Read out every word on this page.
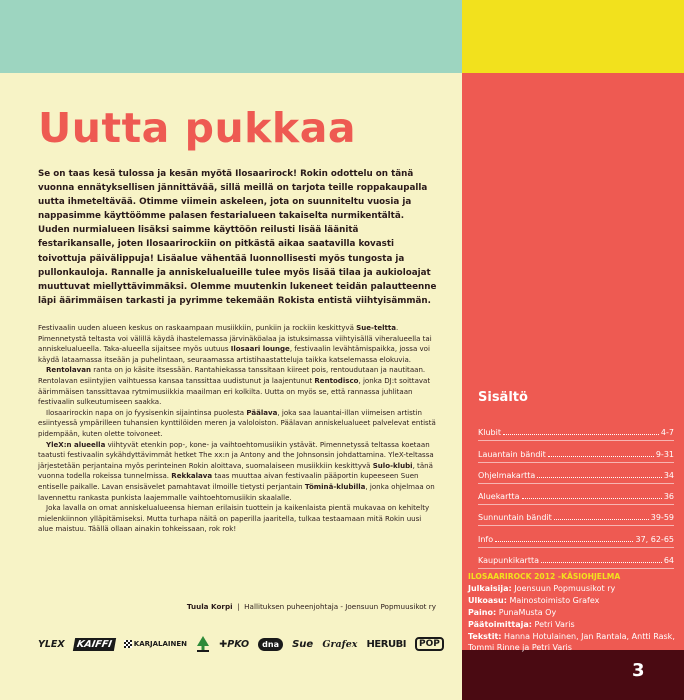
Uutta pukkaa

Se on taas kesä tulossa ja kesän myötä Ilosaarirock! Rokin odottelu on tänä vuonna ennätyksellisen jännittävää, sillä meillä on tarjota teille roppakaupalla uutta ihmeteltävää. Otimme viimein askeleen, jota on suunniteltu vuosia ja nappasimme käyttöömme palasen festarialueen takaiselta nurmikentältä. Uuden nurmialueen lisäksi saimme käyttöön reilusti lisää läänitä festarikansalle, joten Ilosaarirockiin on pitkästä aikaa saatavilla kovasti toivottuja päivälippuja! Lisäalue vähentää luonnollisesti myös tungosta ja pullonkauloja. Rannalle ja anniskelualueille tulee myös lisää tilaa ja aukioloajat muuttuvat miellyttävimmäksi. Olemme muutenkin lukeneet teidän palautteenne läpi äärimmäisen tarkasti ja pyrimme tekemään Rokista entistä viihtyisämmän.

Festivaalin uuden alueen keskus on raskaampaan musiikkiin, punkiin ja rockiin keskittyvä Sue-teltta. Pimennetystä teltasta voi välillä käydä ihastelemassa järvinäköalaa ja istuksimassa viihtyisällä viheralueella tai anniskelualueella. Taka-alueella sijaitsee myös uutuus Ilosaari lounge, festivaalin levähtämispaikka, jossa voi käydä lataamassa itseään ja puhelintaan, seuraamassa artistihaastatteluja taikka katselemassa elokuvia.

Rentolavan ranta on jo käsite itsessään. Rantahiekassa tanssitaan kiireet pois, rentoudutaan ja nautitaan. Rentolavan esiintyjien vaihtuessa kansaa tanssittaa uudistunut ja laajentunut Rentodisco, jonka DJ:t soittavat äärimmäisen tanssittavaa rytmimusiikkia maailman eri kolkilta. Uutta on myös se, että rannassa juhlitaan festivaalin sulkeutumiseen saakka.

Ilosaarirockin napa on jo fyysisenkin sijaintinsa puolesta Päälava, joka saa lauantai-illan viimeisen artistin esiintyessä ympärilleen tuhansien kynttilöiden meren ja valoloiston. Päälavan anniskelualueet palvelevat entistä pidempään, kuten olette toivoneet.

YleX:n alueella viihtyvät etenkin pop-, kone- ja vaihtoehtomusiikin ystävät. Pimennetyssä teltassa koetaan taatusti festivaalin sykähdyttävimmät hetket The xx:n ja Antony and the Johnsonsin johdattamina. YleX-teltassa järjestetään perjantaina myös perinteinen Rokin aloittava, suomalaiseen musiikkiin keskittyvä Sulo-klubi, tänä vuonna todella rokeissa tunnelmissa. Rekkalava taas muuttaa aivan festivaalin pääportin kupeeseen Suen entiselle paikalle. Lavan ensisävelet pamahtavat ilmoille tietysti perjantain Töminä-klubilla, jonka ohjelmaa on lavennettu rankasta punkista laajemmalle vaihtoehtomusiikin skaalalle.

Joka lavalla on omat anniskelualueensa hieman erilaisin tuottein ja kaikenlaista pientä mukavaa on kehitelty mielenkiinnon ylläpitämiseksi. Mutta turhapa näitä on paperilla jaaritella, tulkaa testaamaan mitä Rokin uusi alue maistuu. Täällä ollaan ainakin tohkeissaan, rok rok!

Tuula Korpi  |  Hallituksen puheenjohtaja - Joensuun Popmuusikot ry
YLEX KAIFFI	KARJALAINEN	✚ PKO dna Sue Grafex HERUBI POP
Sisältö
Klubit	4-7
Lauantain bändit	9-31
Ohjelmakartta	34
Aluekartta	36
Sunnuntain bändit	39-59
Info	37, 62-65
Kaupunkikartta	64
ILOSAARIROCK 2012 -KÄSIOHJELMA
Julkaisija: Joensuun Popmuusikot ry
Ulkoasu: Mainostoimisto Grafex
Paino: PunaMusta Oy
Päätoimittaja: Petri Varis
Tekstit: Hanna Hotulainen, Jan Rantala, Antti Rask, Tommi Rinne ja Petri Varis
3
